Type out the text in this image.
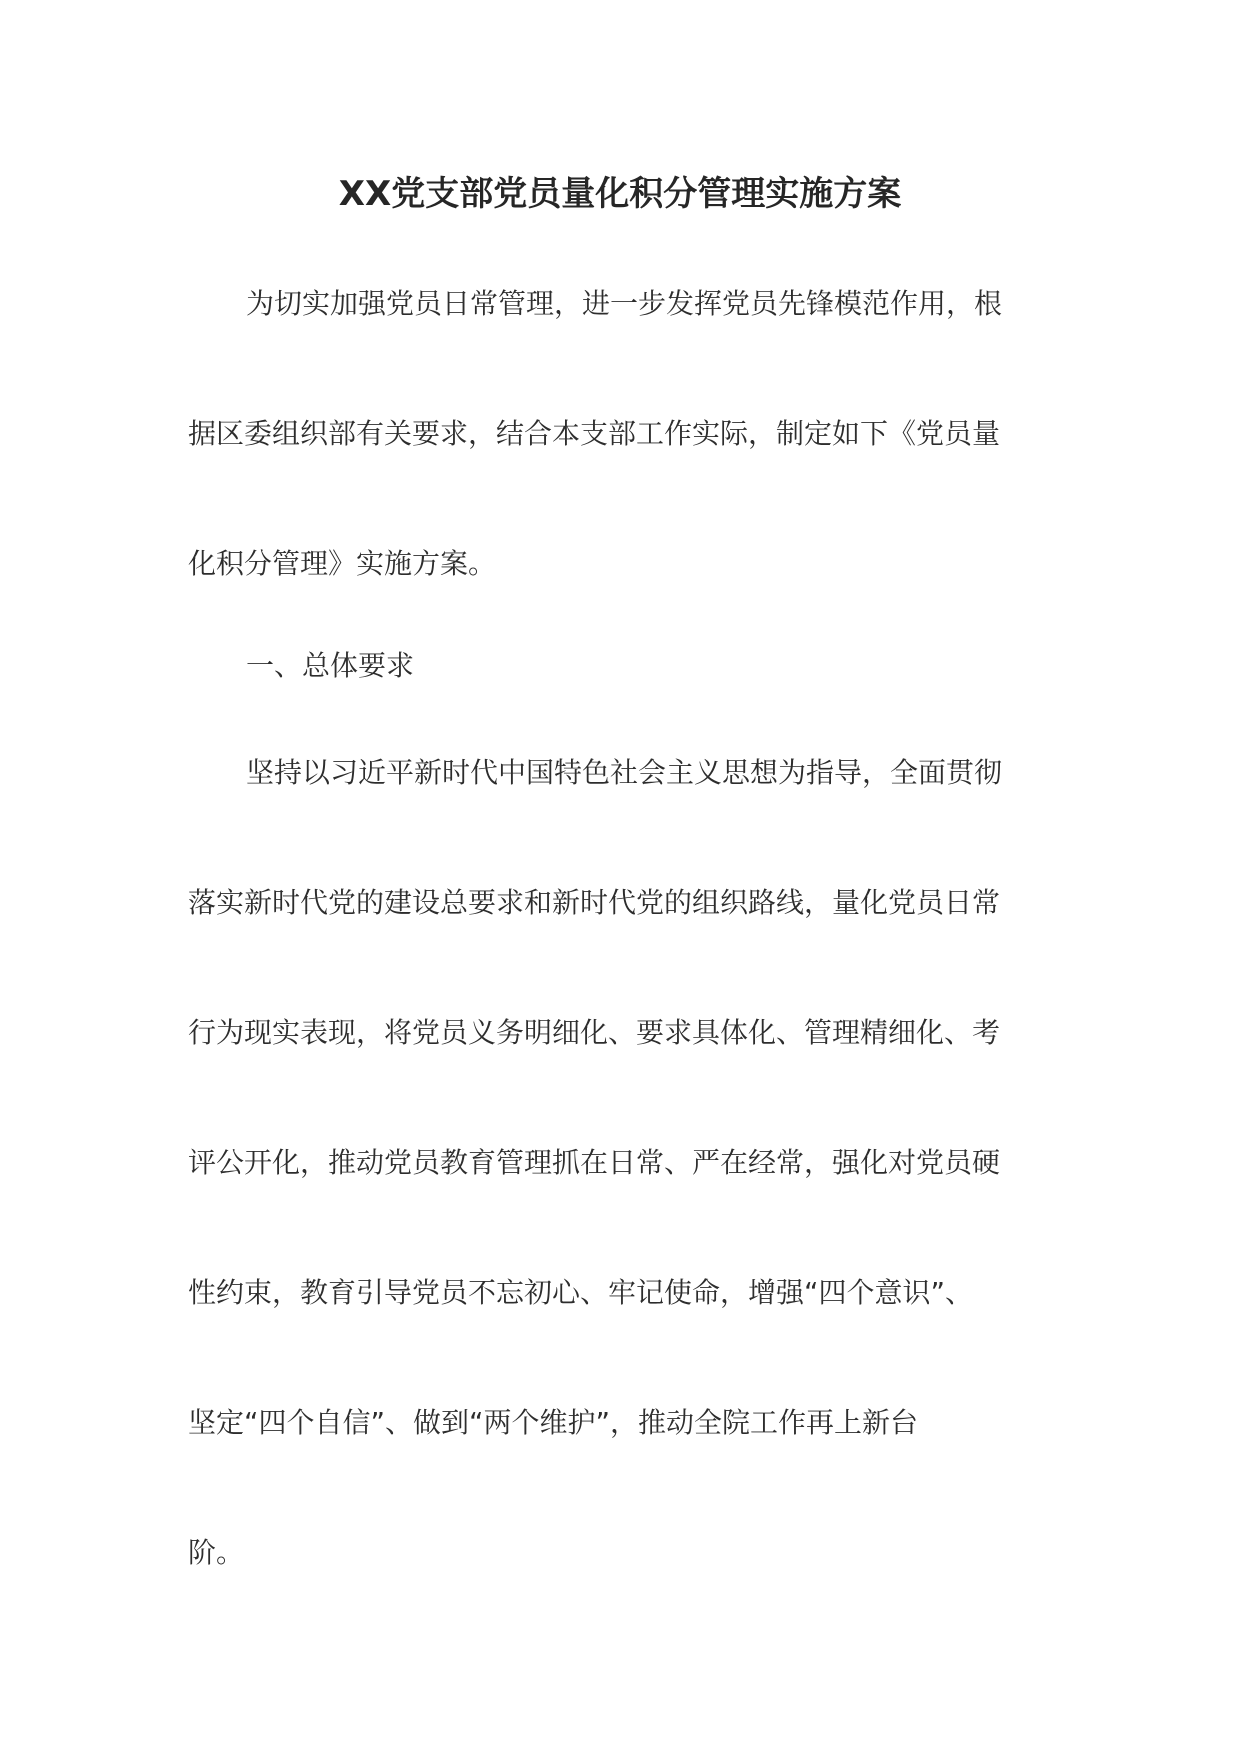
XX党支部党员量化积分管理实施方案
为切实加强党员日常管理，进一步发挥党员先锋模范作用，根
据区委组织部有关要求，结合本支部工作实际，制定如下《党员量
化积分管理》实施方案。
一、总体要求
坚持以习近平新时代中国特色社会主义思想为指导，全面贯彻
落实新时代党的建设总要求和新时代党的组织路线，量化党员日常
行为现实表现，将党员义务明细化、要求具体化、管理精细化、考
评公开化，推动党员教育管理抓在日常、严在经常，强化对党员硬
性约束，教育引导党员不忘初心、牢记使命，增强“四个意识”、
坚定“四个自信”、做到“两个维护”，推动全院工作再上新台
阶。
